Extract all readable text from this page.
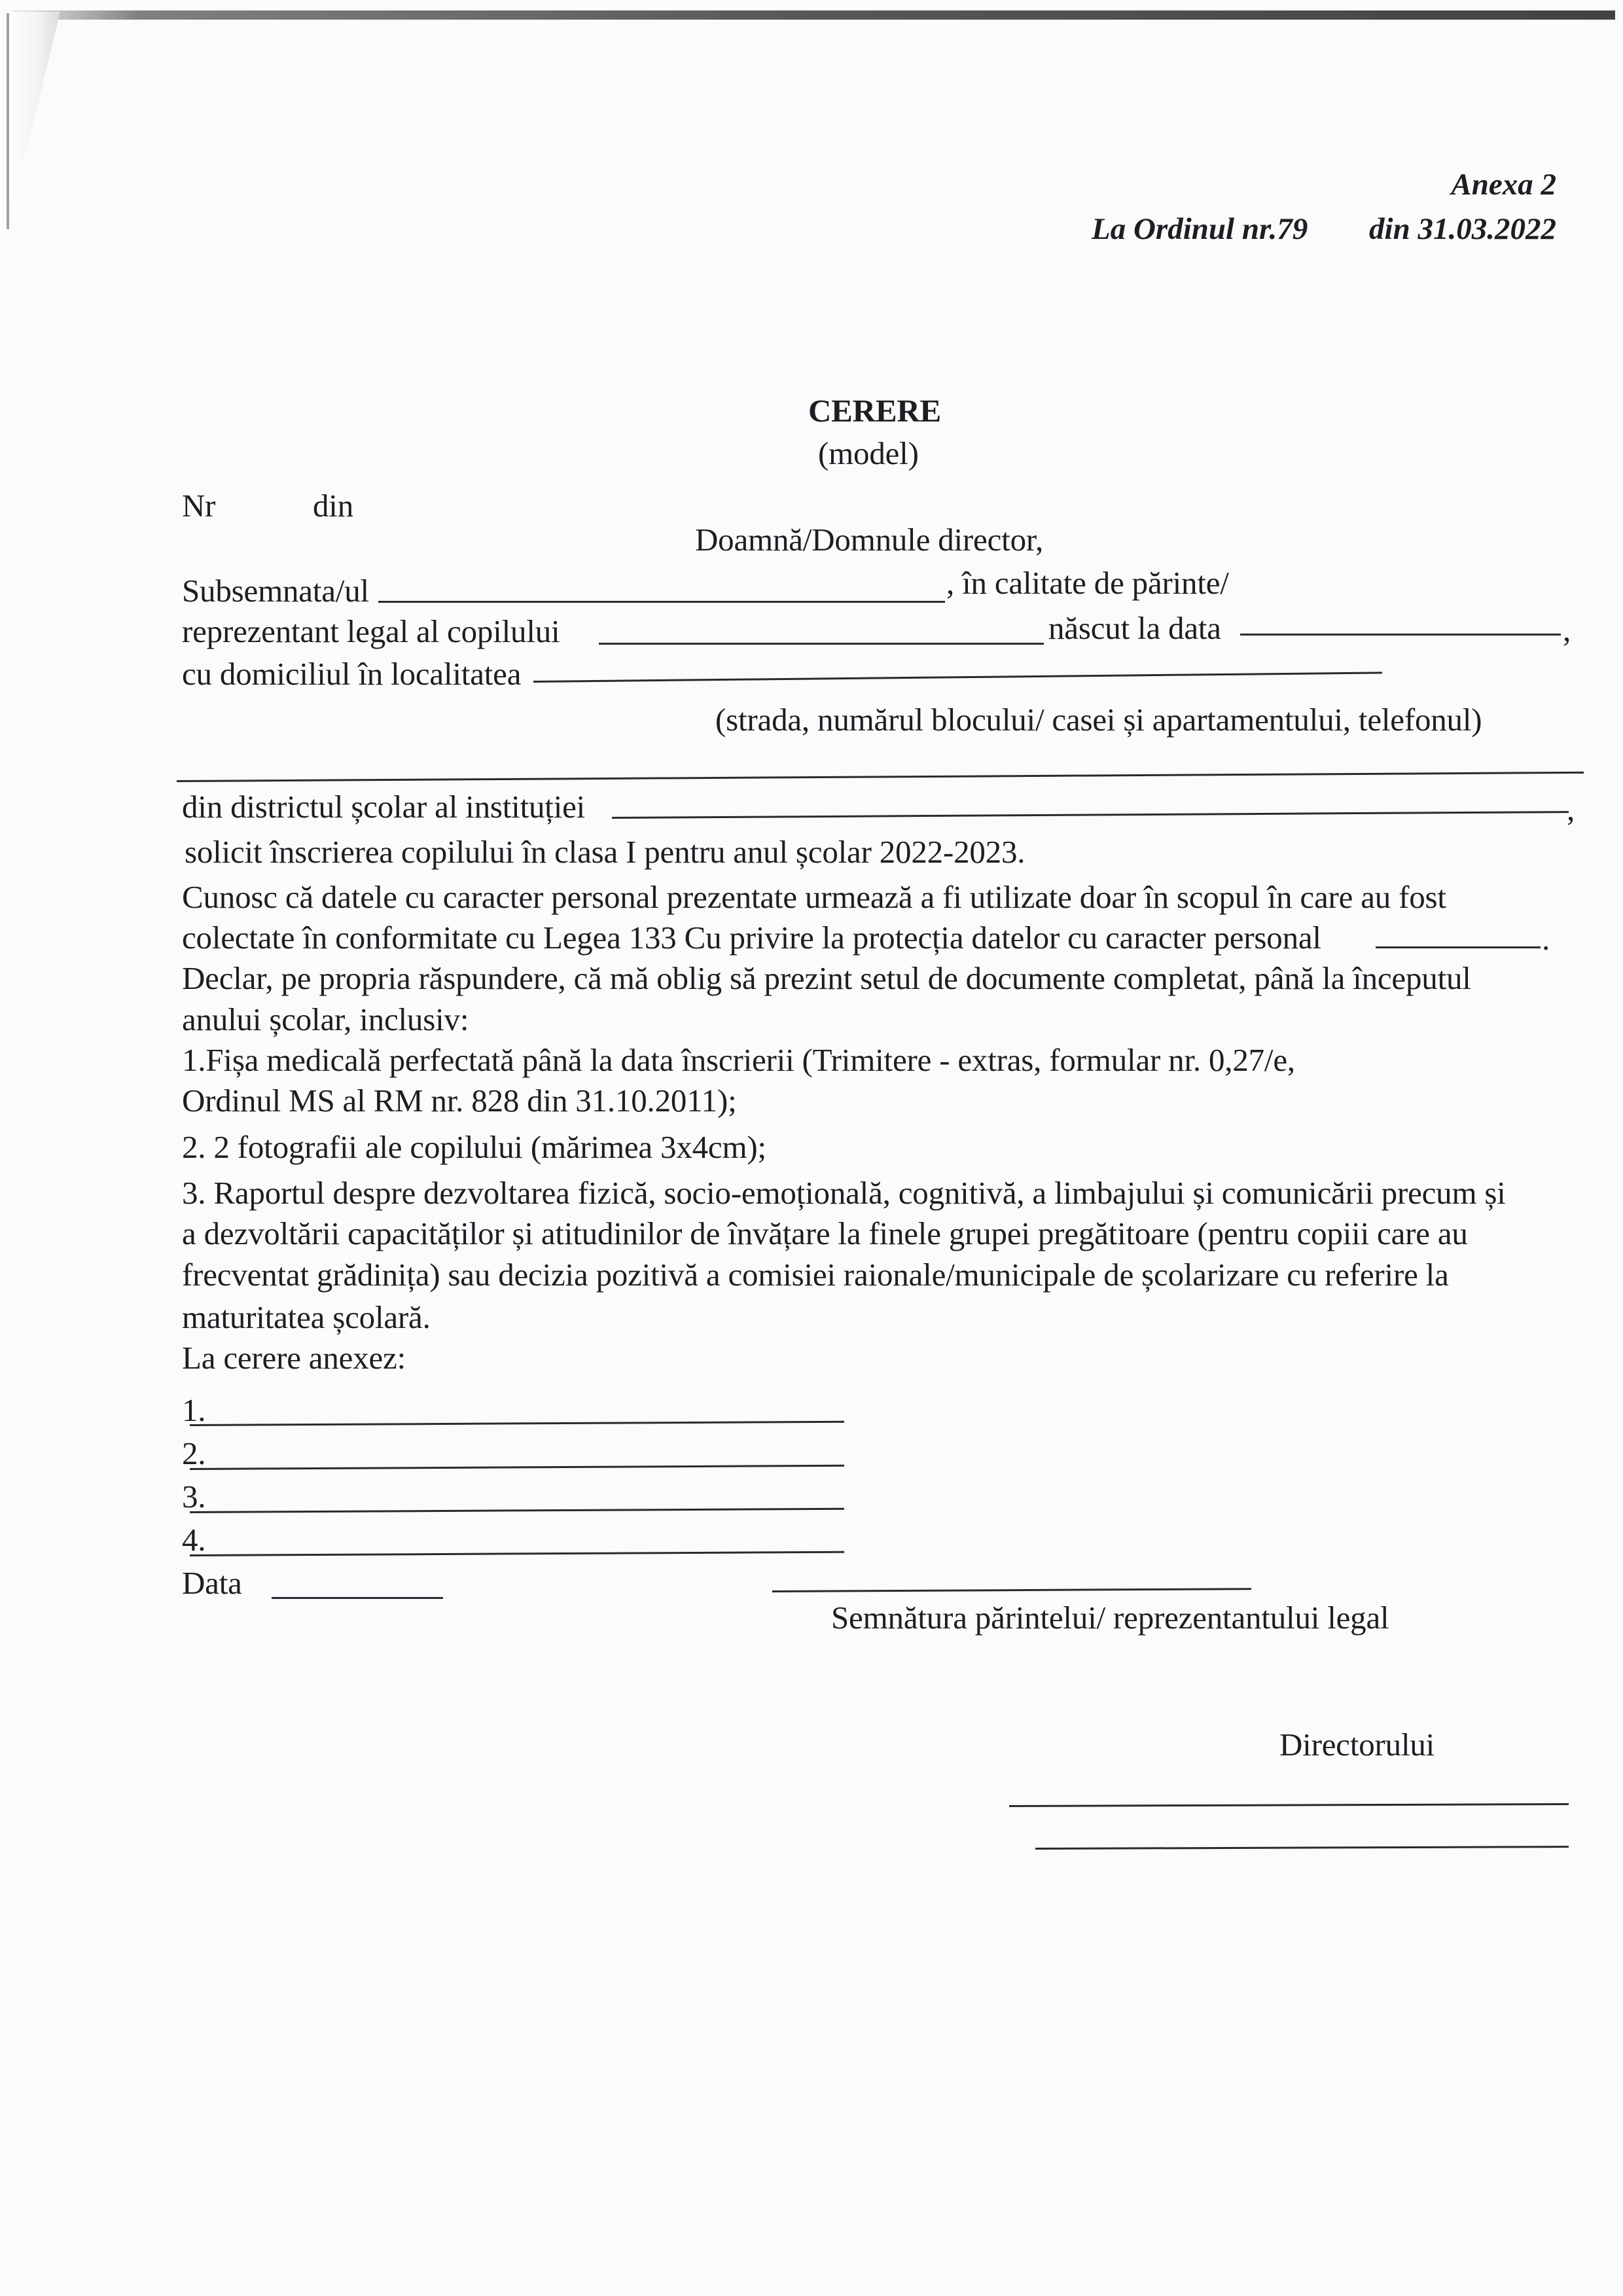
Anexa 2
La Ordinul nr.79 din 31.03.2022
CERERE
(model)
Nr	din
Doamnă/Domnule director,
Subsemnata/ul	, în calitate de părinte/
reprezentant legal al copilului	născut la data	,
cu domiciliul în localitatea
(strada, numărul blocului/ casei și apartamentului, telefonul)
din districtul școlar al instituției	,
solicit înscrierea copilului în clasa I pentru anul școlar 2022-2023.
Cunosc că datele cu caracter personal prezentate urmează a fi utilizate doar în scopul în care au fost
colectate în conformitate cu Legea 133 Cu privire la protecția datelor cu caracter personal	.
Declar, pe propria răspundere, că mă oblig să prezint setul de documente completat, până la începutul
anului școlar, inclusiv:
1.Fișa medicală perfectată până la data înscrierii (Trimitere - extras, formular nr. 0,27/e,
Ordinul MS al RM nr. 828 din 31.10.2011);
2. 2 fotografii ale copilului (mărimea 3x4cm);
3. Raportul despre dezvoltarea fizică, socio-emoțională, cognitivă, a limbajului și comunicării precum și
a dezvoltării capacităților și atitudinilor de învățare la finele grupei pregătitoare (pentru copiii care au
frecventat grădinița) sau decizia pozitivă a comisiei raionale/municipale de școlarizare cu referire la
maturitatea școlară.
La cerere anexez:
1.
2.
3.
4.
Data
Semnătura părintelui/ reprezentantului legal
Directorului
